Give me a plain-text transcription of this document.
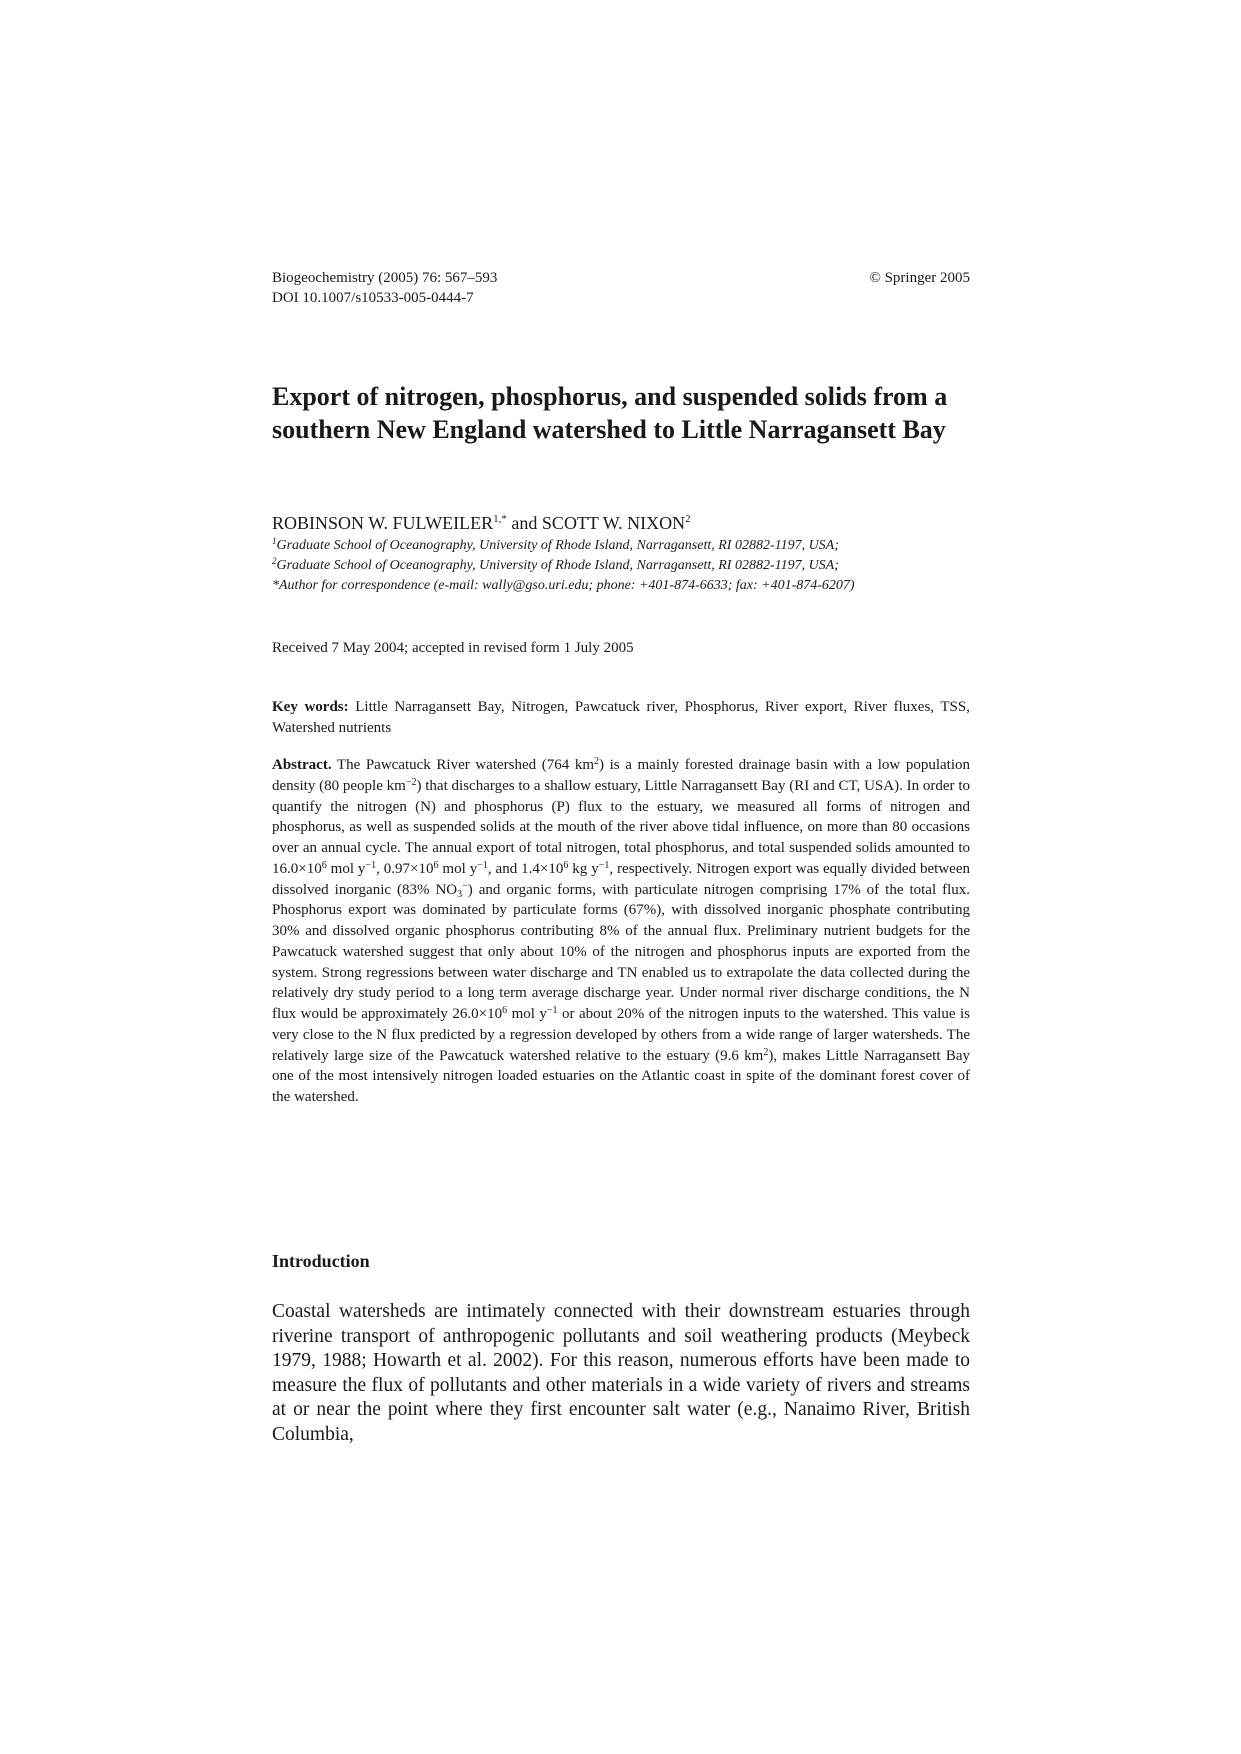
Biogeochemistry (2005) 76: 567–593
DOI 10.1007/s10533-005-0444-7
© Springer 2005
Export of nitrogen, phosphorus, and suspended solids from a southern New England watershed to Little Narragansett Bay
ROBINSON W. $FULWEILER^{1,*}$ and SCOTT W. NIXON$^2$
$^1$Graduate School of Oceanography, University of Rhode Island, Narragansett, RI 02882-1197, USA;
$^2$Graduate School of Oceanography, University of Rhode Island, Narragansett, RI 02882-1197, USA;
*Author for correspondence (e-mail: wally@gso.uri.edu; phone: +401-874-6633; fax: +401-874-6207)
Received 7 May 2004; accepted in revised form 1 July 2005
Key words: Little Narragansett Bay, Nitrogen, Pawcatuck river, Phosphorus, River export, River fluxes, TSS, Watershed nutrients

Abstract. The Pawcatuck River watershed (764 $km^2$) is a mainly forested drainage basin with a low population density (80 people $km^{-2}$) that discharges to a shallow estuary, Little Narragansett Bay (RI and CT, USA). In order to quantify the nitrogen (N) and phosphorus (P) flux to the estuary, we measured all forms of nitrogen and phosphorus, as well as suspended solids at the mouth of the river above tidal influence, on more than 80 occasions over an annual cycle. The annual export of total nitrogen, total phosphorus, and total suspended solids amounted to $16.0\times 10^6$ mol $y^{-1}$, $0.97\times 10^6$ mol $y^{-1}$, and $1.4\times 10^6$ kg $y^{-1}$, respectively. Nitrogen export was equally divided between dissolved inorganic (83% $NO_3^-$) and organic forms, with particulate nitrogen comprising 17% of the total flux. Phosphorus export was dominated by particulate forms (67%), with dissolved inorganic phosphate contributing 30% and dissolved organic phosphorus contributing 8% of the annual flux. Preliminary nutrient budgets for the Pawcatuck watershed suggest that only about 10% of the nitrogen and phosphorus inputs are exported from the system. Strong regressions between water discharge and TN enabled us to extrapolate the data collected during the relatively dry study period to a long term average discharge year. Under normal river discharge conditions, the N flux would be approximately $26.0\times 10^6$ mol $y^{-1}$ or about 20% of the nitrogen inputs to the watershed. This value is very close to the N flux predicted by a regression developed by others from a wide range of larger watersheds. The relatively large size of the Pawcatuck watershed relative to the estuary (9.6 $km^2$), makes Little Narragansett Bay one of the most intensively nitrogen loaded estuaries on the Atlantic coast in spite of the dominant forest cover of the watershed.

Introduction

Coastal watersheds are intimately connected with their downstream estuaries through riverine transport of anthropogenic pollutants and soil weathering products (Meybeck 1979, 1988; Howarth et al. 2002). For this reason, numerous efforts have been made to measure the flux of pollutants and other materials in a wide variety of rivers and streams at or near the point where they first encounter salt water (e.g., Nanaimo River, British Columbia,
